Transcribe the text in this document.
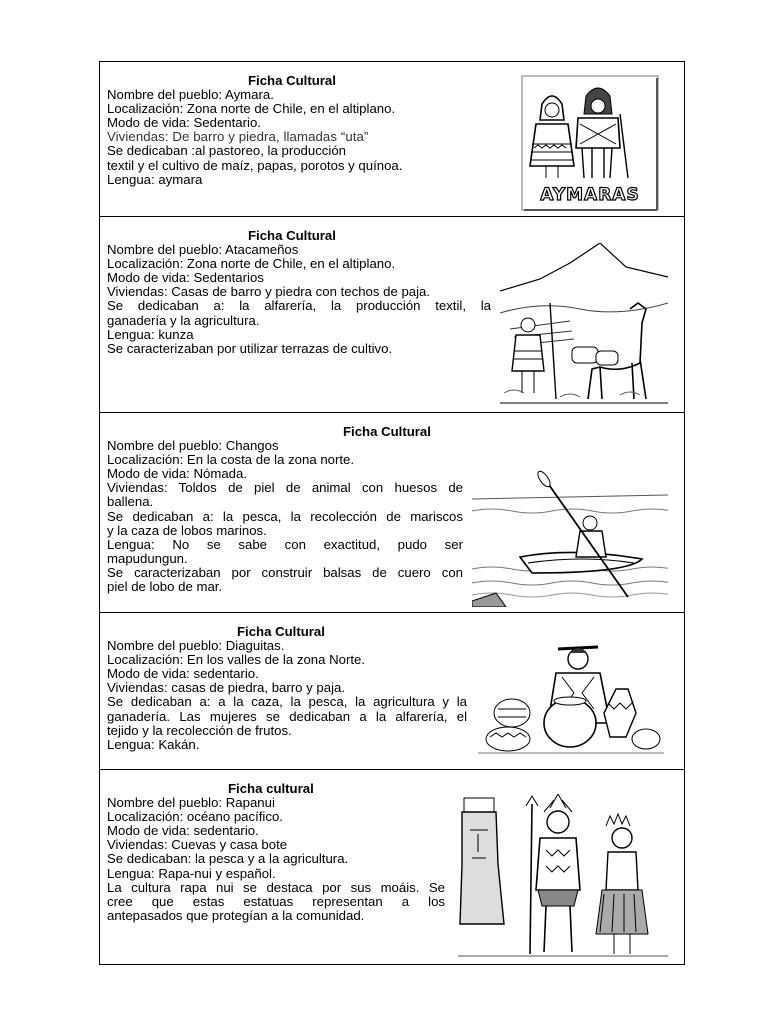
Ficha Cultural
Nombre del pueblo: Aymara.
Localización: Zona norte de Chile, en el altiplano.
Modo de vida: Sedentario.
Viviendas: De barro y piedra, llamadas “uta”
Se dedicaban :al pastoreo, la producción
textil y el cultivo de maíz, papas, porotos y quínoa.
Lengua: aymara
AYMARAS
Ficha Cultural
Nombre del pueblo: Atacameños
Localización: Zona norte de Chile, en el altiplano.
Modo de vida: Sedentarios
Viviendas: Casas de barro y piedra con techos de paja.
Se dedicaban a: la alfarería, la producción textil, la
ganadería y la agricultura.
Lengua: kunza
Se caracterizaban por utilizar terrazas de cultivo.
Ficha Cultural
Nombre del pueblo: Changos
Localización: En la costa de la zona norte.
Modo de vida: Nómada.
Viviendas: Toldos de piel de animal con huesos de
ballena.
Se dedicaban a: la pesca, la recolección de mariscos
y la caza de lobos marinos.
Lengua: No se sabe con exactitud, pudo ser
mapudungun.
Se caracterizaban por construir balsas de cuero con
piel de lobo de mar.
Ficha Cultural
Nombre del pueblo: Diaguitas.
Localización: En los valles de la zona Norte.
Modo de vida: sedentario.
Viviendas: casas de piedra, barro y paja.
Se dedicaban a: a la caza, la pesca, la agricultura y la
ganadería. Las mujeres se dedicaban a la alfarería, el
tejido y la recolección de frutos.
Lengua: Kakán.
Ficha cultural
Nombre del pueblo: Rapanui
Localización: océano pacífico.
Modo de vida: sedentario.
Viviendas: Cuevas y casa bote
Se dedicaban: la pesca y a la agricultura.
Lengua: Rapa-nui y español.
La cultura rapa nui se destaca por sus moáis. Se
cree que estas estatuas representan a los
antepasados que protegían a la comunidad.
